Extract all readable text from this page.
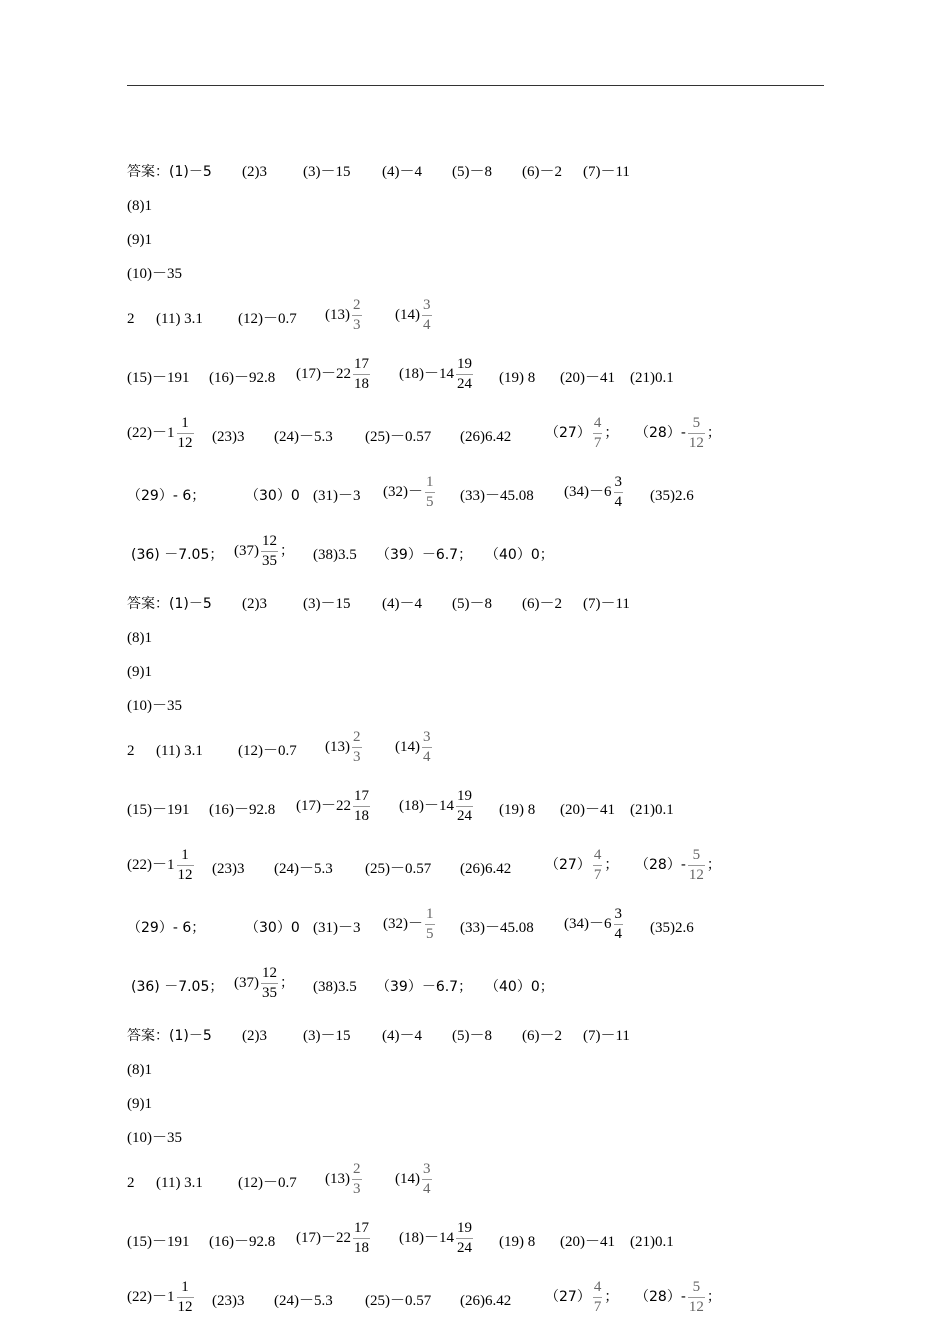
答案：(1)－5 (2)3 (3)－15 (4)－4 (5)－8 (6)－2 (7)－11
(8)1
(9)1
(10)－35
2 (11) 3.1 (12)－0.7 $(13) \frac{2}{3} (14) \frac{3}{4}$
(15)－191 (16)－92.8 $(17)-22 \frac{17}{18} (18)-14 \frac{19}{24} (19)$ 8 (20)－41 (21)0.1
$(22)-1 \frac{1}{12} (23)3$ (24)－5.3 (25)－0.57 (26)6.42 $(27) \frac{4}{7}$ ； $(28)- \frac{5}{12}$ ；
（29）- 6；	（30）0 (31)－3 $(32)- \frac{1}{5} (33)-45.08$ $(34)-6 \frac{3}{4} (35)2.6$
(36) －7.05； $(37) \frac{12}{35}$ ； (38)3.5 （39）－6.7； （40）0；
答案：(1)－5 (2)3 (3)－15 (4)－4 (5)－8 (6)－2 (7)－11
(8)1
(9)1
(10)－35
2 (11) 3.1 (12)－0.7 $(13) \frac{2}{3} (14) \frac{3}{4}$
(15)－191 (16)－92.8 $(17)-22 \frac{17}{18} (18)-14 \frac{19}{24} (19)$ 8 (20)－41 (21)0.1
$(22)-1 \frac{1}{12} (23)3$ (24)－5.3 (25)－0.57 (26)6.42 $(27) \frac{4}{7}$ ； $(28)- \frac{5}{12}$ ；
（29）- 6；	（30）0 (31)－3 $(32)- \frac{1}{5} (33)-45.08$ $(34)-6 \frac{3}{4} (35)2.6$
(36) －7.05； $(37) \frac{12}{35}$ ； (38)3.5 （39）－6.7； （40）0；
答案：(1)－5 (2)3 (3)－15 (4)－4 (5)－8 (6)－2 (7)－11
(8)1
(9)1
(10)－35
2 (11) 3.1 (12)－0.7 $(13) \frac{2}{3} (14) \frac{3}{4}$
(15)－191 (16)－92.8 $(17)-22 \frac{17}{18} (18)-14 \frac{19}{24} (19)$ 8 (20)－41 (21)0.1
$(22)-1 \frac{1}{12} (23)3$ (24)－5.3 (25)－0.57 (26)6.42 $(27) \frac{4}{7}$ ； $(28)- \frac{5}{12}$ ；
